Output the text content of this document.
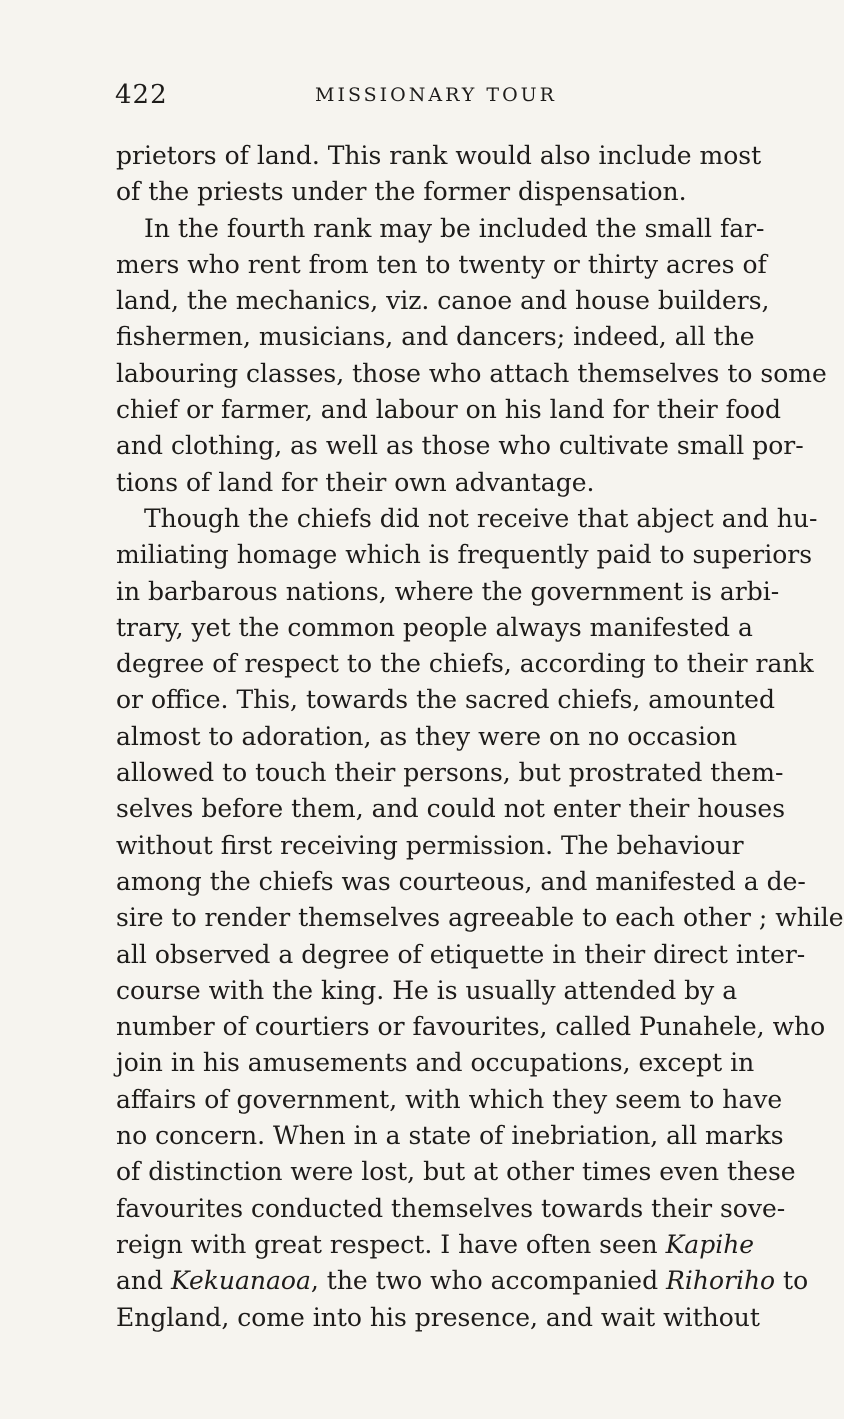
422	MISSIONARY TOUR
prietors of land. This rank would also include most
of the priests under the former dispensation.
In the fourth rank may be included the small far-
mers who rent from ten to twenty or thirty acres of
land, the mechanics, viz. canoe and house builders,
fishermen, musicians, and dancers; indeed, all the
labouring classes, those who attach themselves to some
chief or farmer, and labour on his land for their food
and clothing, as well as those who cultivate small por-
tions of land for their own advantage.
Though the chiefs did not receive that abject and hu-
miliating homage which is frequently paid to superiors
in barbarous nations, where the government is arbi-
trary, yet the common people always manifested a
degree of respect to the chiefs, according to their rank
or office. This, towards the sacred chiefs, amounted
almost to adoration, as they were on no occasion
allowed to touch their persons, but prostrated them-
selves before them, and could not enter their houses
without first receiving permission. The behaviour
among the chiefs was courteous, and manifested a de-
sire to render themselves agreeable to each other ; while
all observed a degree of etiquette in their direct inter-
course with the king. He is usually attended by a
number of courtiers or favourites, called Punahele, who
join in his amusements and occupations, except in
affairs of government, with which they seem to have
no concern. When in a state of inebriation, all marks
of distinction were lost, but at other times even these
favourites conducted themselves towards their sove-
reign with great respect. I have often seen Kapihe
and Kekuanaoa, the two who accompanied Rihoriho to
England, come into his presence, and wait without
